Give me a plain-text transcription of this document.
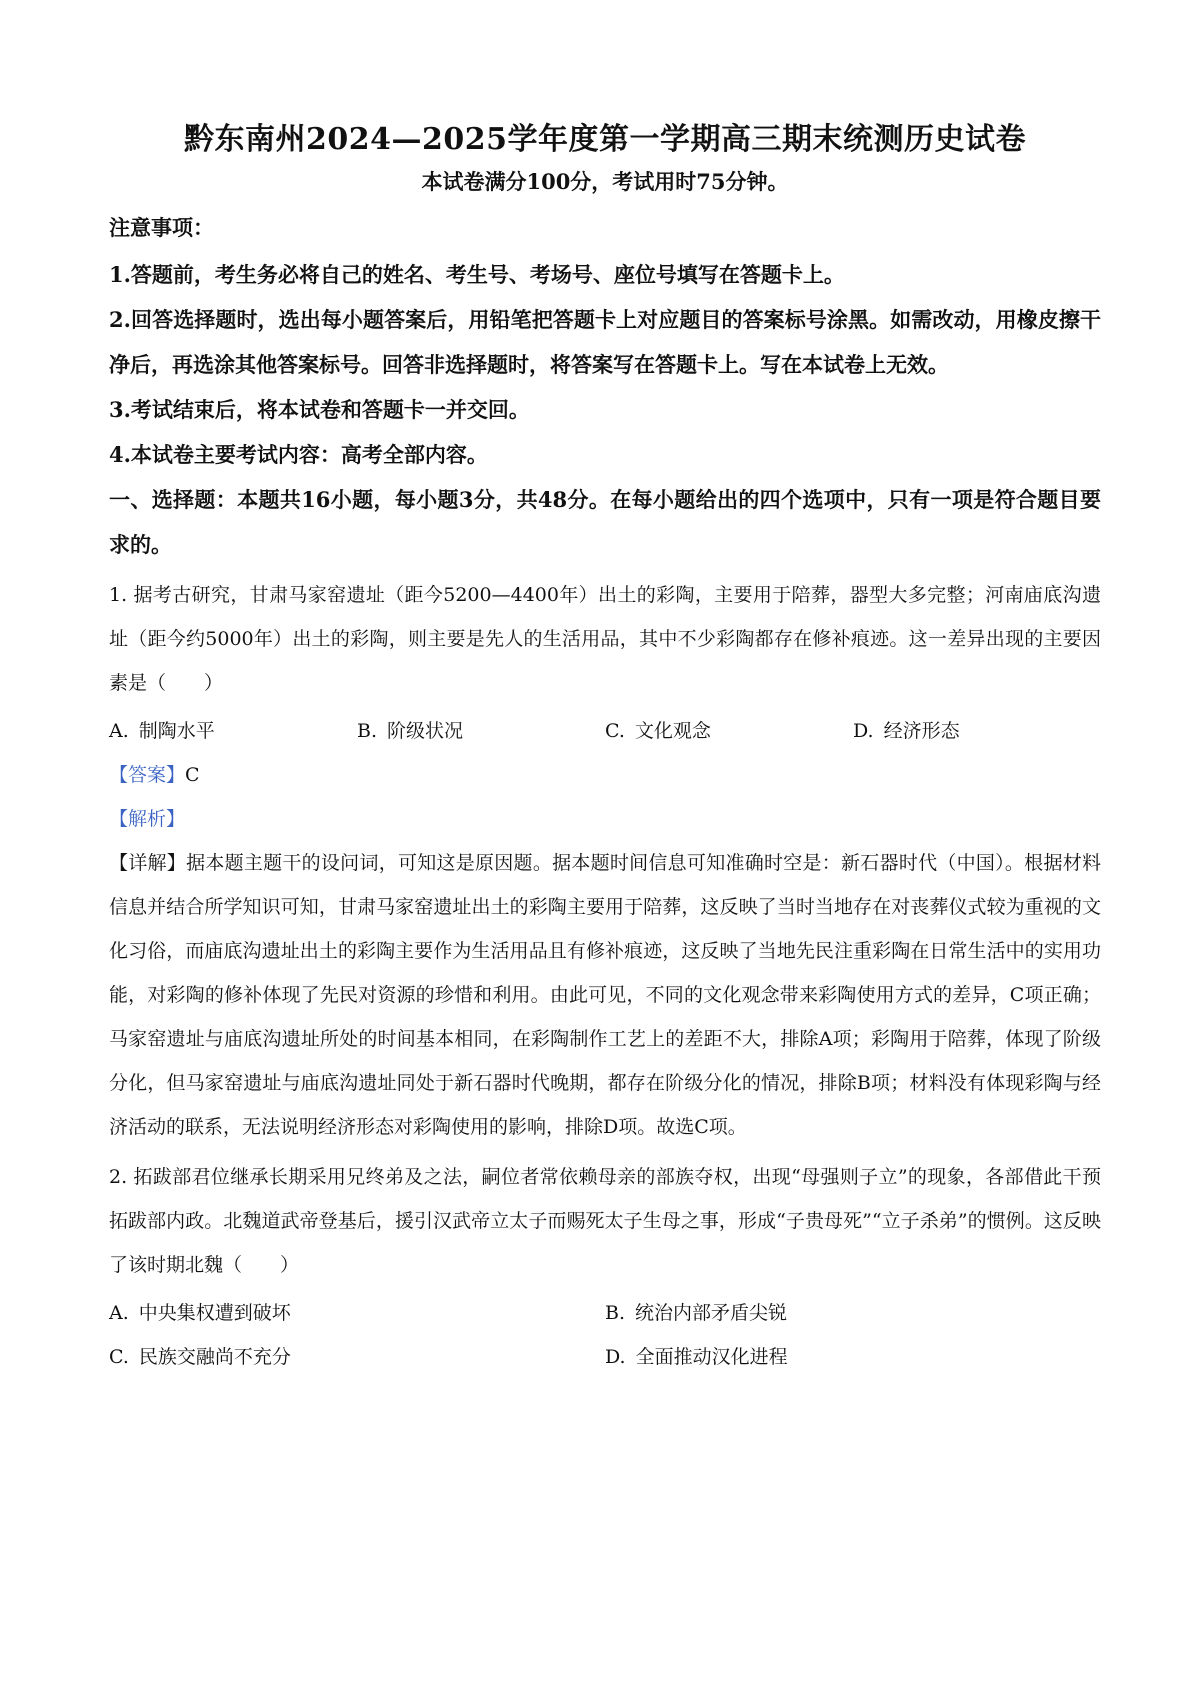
黔东南州2024—2025学年度第一学期高三期末统测历史试卷

本试卷满分100分，考试用时75分钟。

注意事项：

1.答题前，考生务必将自己的姓名、考生号、考场号、座位号填写在答题卡上。

2.回答选择题时，选出每小题答案后，用铅笔把答题卡上对应题目的答案标号涂黑。如需改动，用橡皮擦干净后，再选涂其他答案标号。回答非选择题时，将答案写在答题卡上。写在本试卷上无效。

3.考试结束后，将本试卷和答题卡一并交回。

4.本试卷主要考试内容：高考全部内容。

一、选择题：本题共16小题，每小题3分，共48分。在每小题给出的四个选项中，只有一项是符合题目要求的。

1. 据考古研究，甘肃马家窑遗址（距今5200—4400年）出土的彩陶，主要用于陪葬，器型大多完整；河南庙底沟遗址（距今约5000年）出土的彩陶，则主要是先人的生活用品，其中不少彩陶都存在修补痕迹。这一差异出现的主要因素是（　　）

A. 制陶水平	B. 阶级状况	C. 文化观念	D. 经济形态

【答案】C

【解析】

【详解】据本题主题干的设问词，可知这是原因题。据本题时间信息可知准确时空是：新石器时代（中国）。根据材料信息并结合所学知识可知，甘肃马家窑遗址出土的彩陶主要用于陪葬，这反映了当时当地存在对丧葬仪式较为重视的文化习俗，而庙底沟遗址出土的彩陶主要作为生活用品且有修补痕迹，这反映了当地先民注重彩陶在日常生活中的实用功能，对彩陶的修补体现了先民对资源的珍惜和利用。由此可见，不同的文化观念带来彩陶使用方式的差异，C项正确；马家窑遗址与庙底沟遗址所处的时间基本相同，在彩陶制作工艺上的差距不大，排除A项；彩陶用于陪葬，体现了阶级分化，但马家窑遗址与庙底沟遗址同处于新石器时代晚期，都存在阶级分化的情况，排除B项；材料没有体现彩陶与经济活动的联系，无法说明经济形态对彩陶使用的影响，排除D项。故选C项。

2. 拓跋部君位继承长期采用兄终弟及之法，嗣位者常依赖母亲的部族夺权，出现“母强则子立”的现象，各部借此干预拓跋部内政。北魏道武帝登基后，援引汉武帝立太子而赐死太子生母之事，形成“子贵母死”“立子杀弟”的惯例。这反映了该时期北魏（　　）

A. 中央集权遭到破坏	B. 统治内部矛盾尖锐
C. 民族交融尚不充分	D. 全面推动汉化进程
